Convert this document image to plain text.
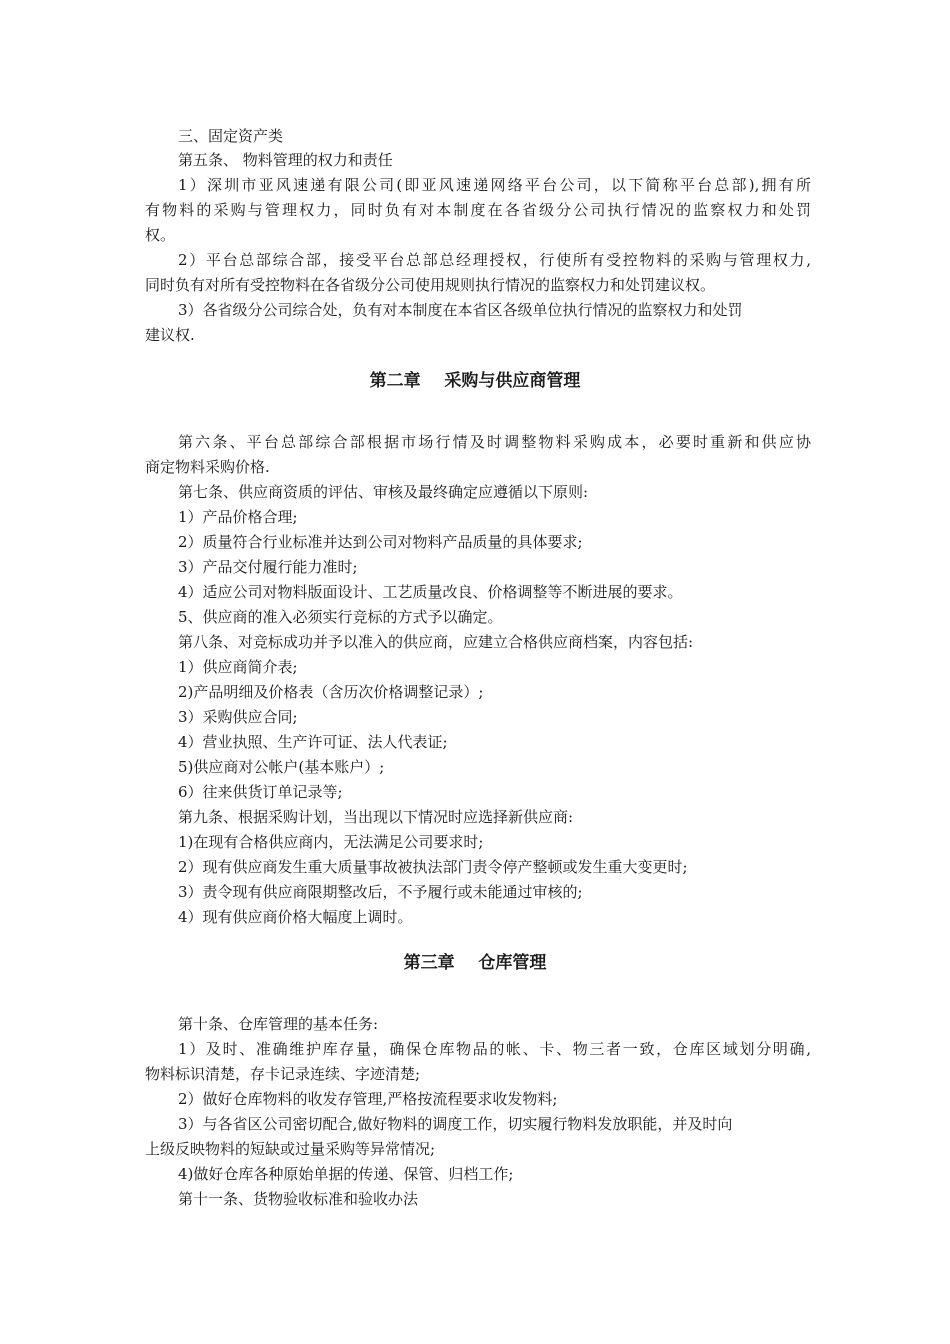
三、固定资产类
第五条、 物料管理的权力和责任
1）深圳市亚风速递有限公司(即亚风速递网络平台公司，以下简称平台总部),拥有所
有物料的采购与管理权力，同时负有对本制度在各省级分公司执行情况的监察权力和处罚
权。
2）平台总部综合部，接受平台总部总经理授权，行使所有受控物料的采购与管理权力,
同时负有对所有受控物料在各省级分公司使用规则执行情况的监察权力和处罚建议权。
3）各省级分公司综合处，负有对本制度在本省区各级单位执行情况的监察权力和处罚
建议权.
第二章    采购与供应商管理
第六条、平台总部综合部根据市场行情及时调整物料采购成本，必要时重新和供应协
商定物料采购价格.
第七条、供应商资质的评估、审核及最终确定应遵循以下原则:
1）产品价格合理;
2）质量符合行业标准并达到公司对物料产品质量的具体要求;
3）产品交付履行能力准时;
4）适应公司对物料版面设计、工艺质量改良、价格调整等不断进展的要求。
5、供应商的准入必须实行竞标的方式予以确定。
第八条、对竞标成功并予以准入的供应商，应建立合格供应商档案，内容包括:
1）供应商简介表;
2)产品明细及价格表（含历次价格调整记录）;
3）采购供应合同;
4）营业执照、生产许可证、法人代表证;
5)供应商对公帐户(基本账户）;
6）往来供货订单记录等;
第九条、根据采购计划，当出现以下情况时应选择新供应商:
1)在现有合格供应商内，无法满足公司要求时;
2）现有供应商发生重大质量事故被执法部门责令停产整顿或发生重大变更时;
3）责令现有供应商限期整改后，不予履行或未能通过审核的;
4）现有供应商价格大幅度上调时。
第三章    仓库管理
第十条、仓库管理的基本任务:
1）及时、准确维护库存量，确保仓库物品的帐、卡、物三者一致，仓库区域划分明确,
物料标识清楚，存卡记录连续、字迹清楚;
2）做好仓库物料的收发存管理,严格按流程要求收发物料;
3）与各省区公司密切配合,做好物料的调度工作，切实履行物料发放职能，并及时向
上级反映物料的短缺或过量采购等异常情况;
4)做好仓库各种原始单据的传递、保管、归档工作;
第十一条、货物验收标准和验收办法
